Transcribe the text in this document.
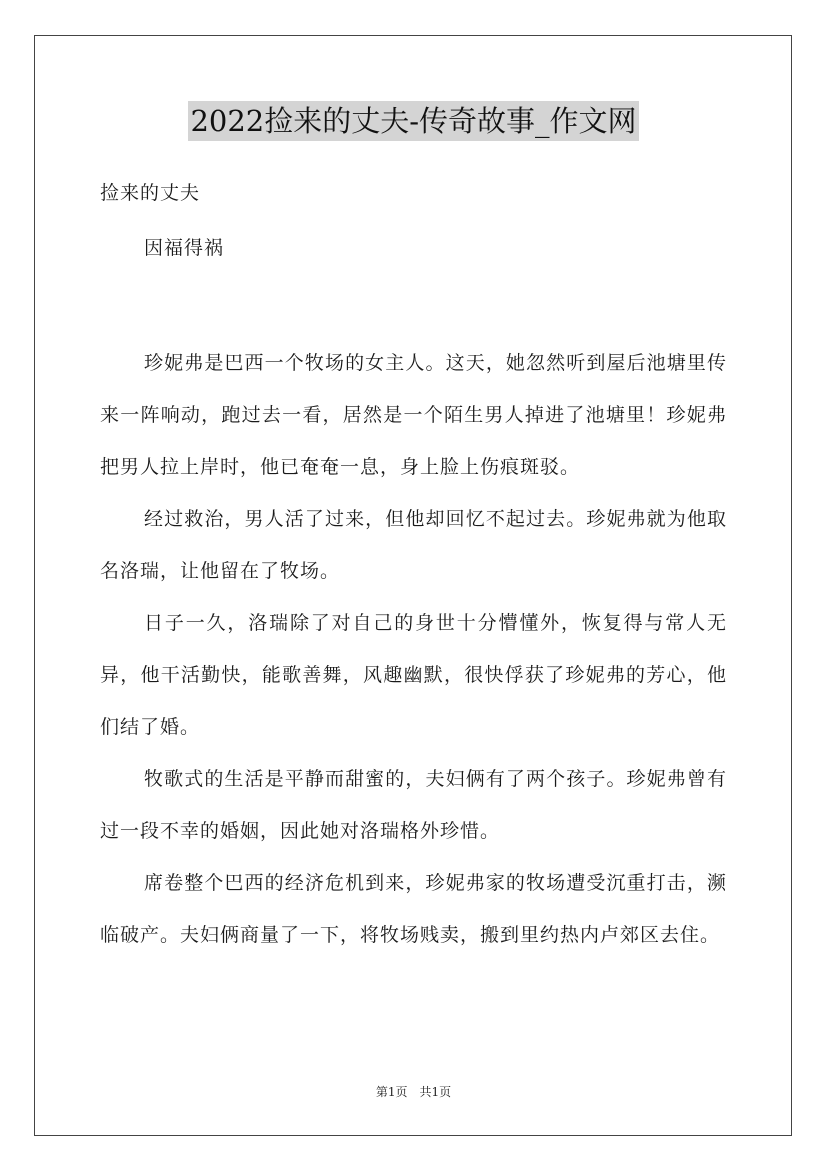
2022捡来的丈夫-传奇故事_作文网
捡来的丈夫
因福得祸

珍妮弗是巴西一个牧场的女主人。这天，她忽然听到屋后池塘里传来一阵响动，跑过去一看，居然是一个陌生男人掉进了池塘里！珍妮弗把男人拉上岸时，他已奄奄一息，身上脸上伤痕斑驳。

经过救治，男人活了过来，但他却回忆不起过去。珍妮弗就为他取名洛瑞，让他留在了牧场。

日子一久，洛瑞除了对自己的身世十分懵懂外，恢复得与常人无异，他干活勤快，能歌善舞，风趣幽默，很快俘获了珍妮弗的芳心，他们结了婚。

牧歌式的生活是平静而甜蜜的，夫妇俩有了两个孩子。珍妮弗曾有过一段不幸的婚姻，因此她对洛瑞格外珍惜。

席卷整个巴西的经济危机到来，珍妮弗家的牧场遭受沉重打击，濒临破产。夫妇俩商量了一下，将牧场贱卖，搬到里约热内卢郊区去住。

第1页　共1页
